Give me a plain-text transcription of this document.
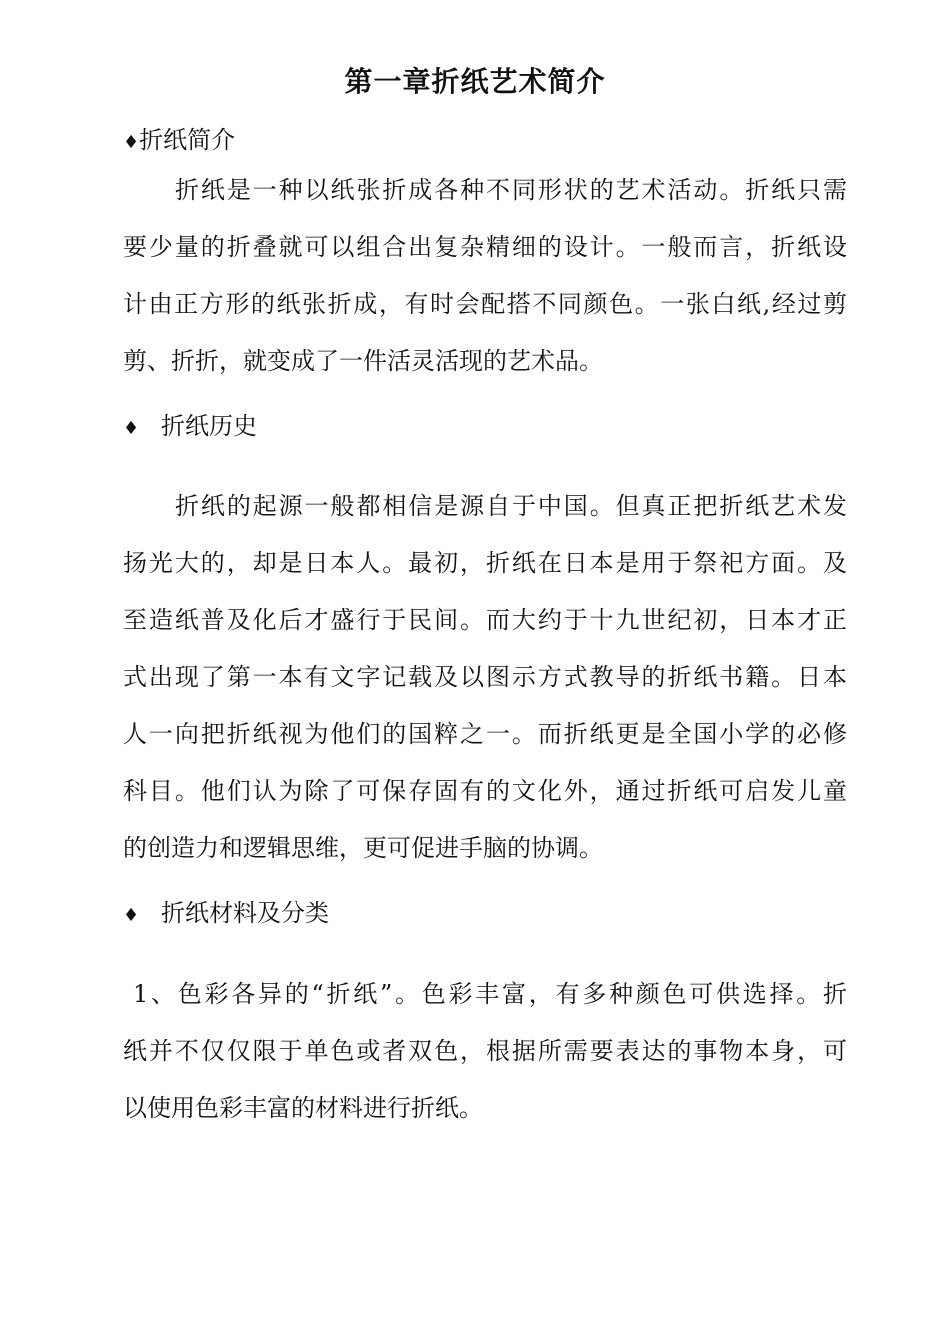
第一章折纸艺术简介
♦折纸简介
折纸是一种以纸张折成各种不同形状的艺术活动。折纸只需
要少量的折叠就可以组合出复杂精细的设计。一般而言，折纸设
计由正方形的纸张折成，有时会配搭不同颜色。一张白纸,经过剪
剪、折折，就变成了一件活灵活现的艺术品。
♦ 折纸历史
折纸的起源一般都相信是源自于中国。但真正把折纸艺术发
扬光大的，却是日本人。最初，折纸在日本是用于祭祀方面。及
至造纸普及化后才盛行于民间。而大约于十九世纪初，日本才正
式出现了第一本有文字记载及以图示方式教导的折纸书籍。日本
人一向把折纸视为他们的国粹之一。而折纸更是全国小学的必修
科目。他们认为除了可保存固有的文化外，通过折纸可启发儿童
的创造力和逻辑思维，更可促进手脑的协调。
♦ 折纸材料及分类
1、色彩各异的“折纸”。色彩丰富，有多种颜色可供选择。折
纸并不仅仅限于单色或者双色，根据所需要表达的事物本身，可
以使用色彩丰富的材料进行折纸。
